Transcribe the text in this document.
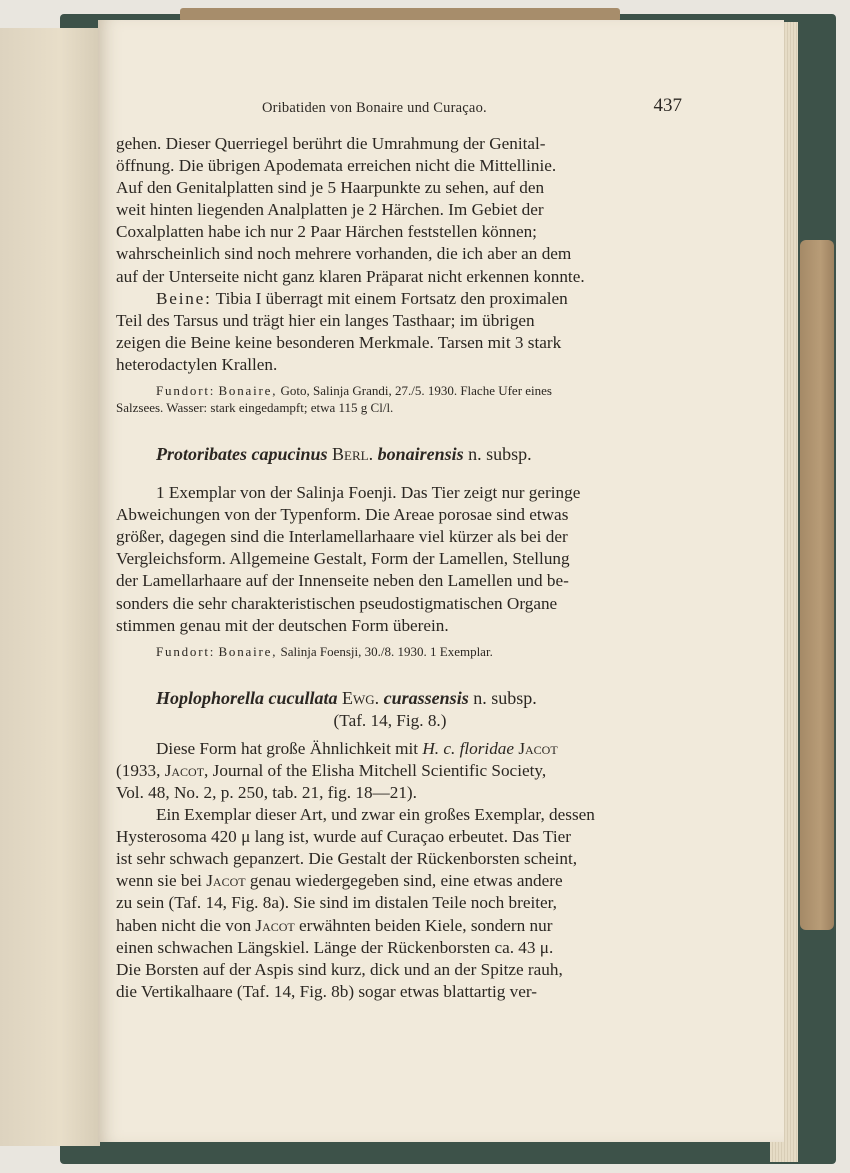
Oribatiden von Bonaire und Curaçao.	437
gehen. Dieser Querriegel berührt die Umrahmung der Genital-
öffnung. Die übrigen Apodemata erreichen nicht die Mittellinie.
Auf den Genitalplatten sind je 5 Haarpunkte zu sehen, auf den
weit hinten liegenden Analplatten je 2 Härchen. Im Gebiet der
Coxalplatten habe ich nur 2 Paar Härchen feststellen können;
wahrscheinlich sind noch mehrere vorhanden, die ich aber an dem
auf der Unterseite nicht ganz klaren Präparat nicht erkennen konnte.
Beine: Tibia I überragt mit einem Fortsatz den proximalen
Teil des Tarsus und trägt hier ein langes Tasthaar; im übrigen
zeigen die Beine keine besonderen Merkmale. Tarsen mit 3 stark
heterodactylen Krallen.
Fundort: Bonaire, Goto, Salinja Grandi, 27./5. 1930. Flache Ufer eines
Salzsees. Wasser: stark eingedampft; etwa 115 g Cl/l.
Protoribates capucinus Berl. bonairensis n. subsp.
1 Exemplar von der Salinja Foenji. Das Tier zeigt nur geringe
Abweichungen von der Typenform. Die Areae porosae sind etwas
größer, dagegen sind die Interlamellarhaare viel kürzer als bei der
Vergleichsform. Allgemeine Gestalt, Form der Lamellen, Stellung
der Lamellarhaare auf der Innenseite neben den Lamellen und be-
sonders die sehr charakteristischen pseudostigmatischen Organe
stimmen genau mit der deutschen Form überein.
Fundort: Bonaire, Salinja Foensji, 30./8. 1930. 1 Exemplar.
Hoplophorella cucullata Ewg. curassensis n. subsp.
(Taf. 14, Fig. 8.)
Diese Form hat große Ähnlichkeit mit H. c. floridae Jacot
(1933, Jacot, Journal of the Elisha Mitchell Scientific Society,
Vol. 48, No. 2, p. 250, tab. 21, fig. 18—21).
Ein Exemplar dieser Art, und zwar ein großes Exemplar, dessen
Hysterosoma 420 μ lang ist, wurde auf Curaçao erbeutet. Das Tier
ist sehr schwach gepanzert. Die Gestalt der Rückenborsten scheint,
wenn sie bei Jacot genau wiedergegeben sind, eine etwas andere
zu sein (Taf. 14, Fig. 8a). Sie sind im distalen Teile noch breiter,
haben nicht die von Jacot erwähnten beiden Kiele, sondern nur
einen schwachen Längskiel. Länge der Rückenborsten ca. 43 μ.
Die Borsten auf der Aspis sind kurz, dick und an der Spitze rauh,
die Vertikalhaare (Taf. 14, Fig. 8b) sogar etwas blattartig ver-
